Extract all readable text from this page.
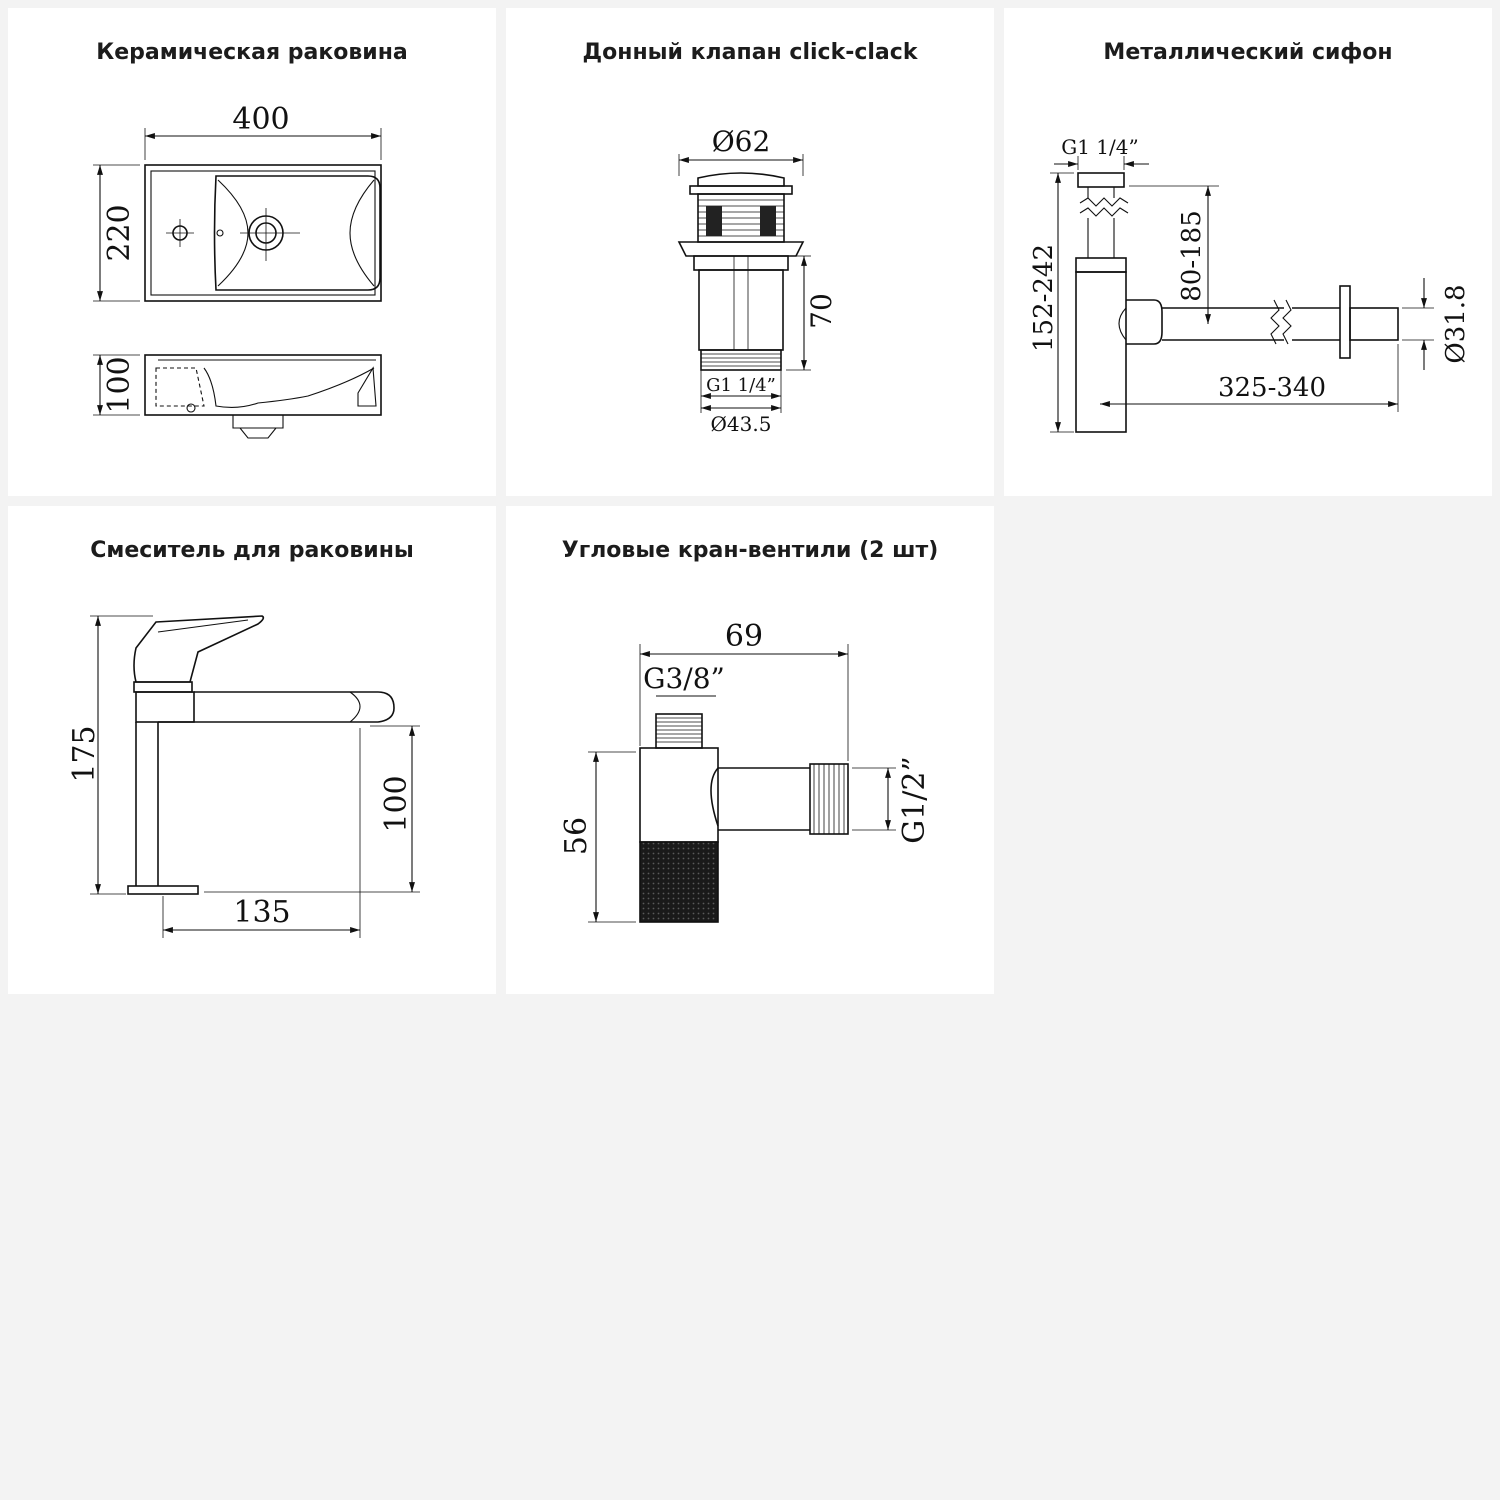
Керамическая раковина
400
220
100
Донный клапан click-clack
Ø62
70
G1 1/4”
Ø43.5
Металлический сифон
G1 1/4”
152-242	80-185
Ø31.8
325-340
Смеситель для раковины
175
100
135
Угловые кран-вентили (2 шт)
69
G3/8”
56	G1/2”
